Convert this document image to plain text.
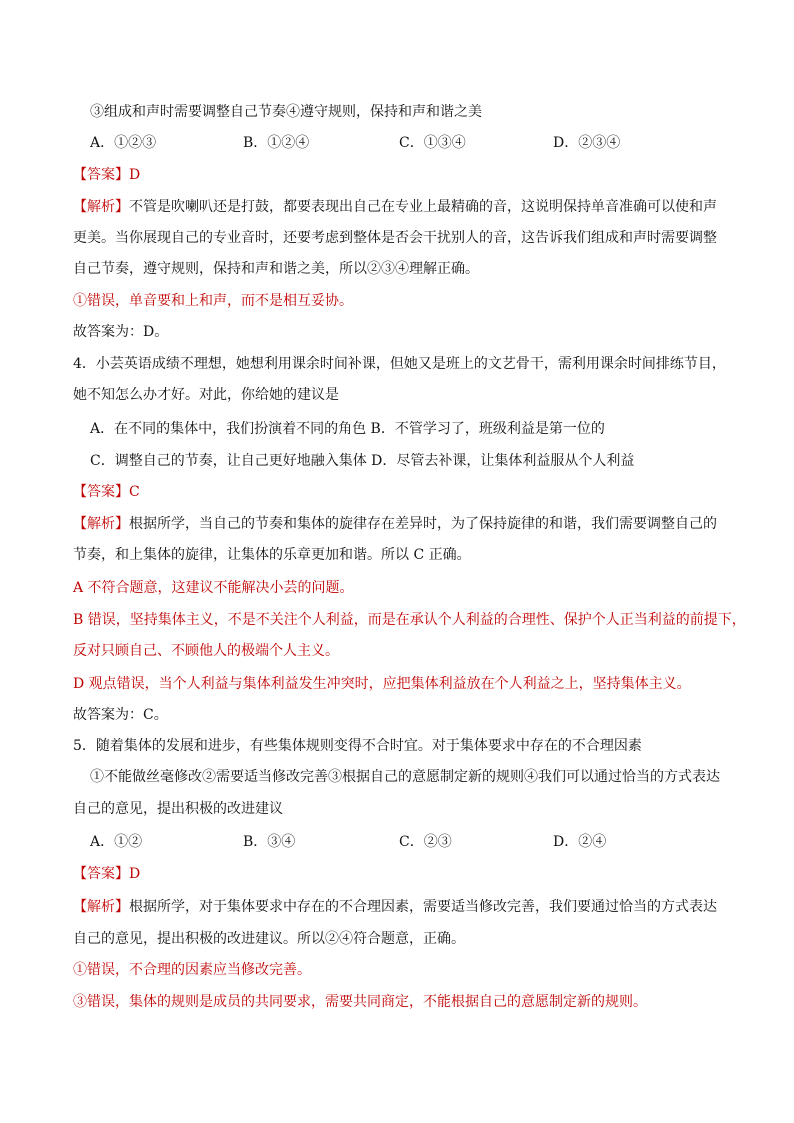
③组成和声时需要调整自己节奏④遵守规则，保持和声和谐之美
A．①②③	B．①②④	C．①③④	D．②③④
【答案】D
【解析】不管是吹喇叭还是打鼓，都要表现出自己在专业上最精确的音，这说明保持单音准确可以使和声
更美。当你展现自己的专业音时，还要考虑到整体是否会干扰别人的音，这告诉我们组成和声时需要调整
自己节奏，遵守规则，保持和声和谐之美，所以②③④理解正确。
①错误，单音要和上和声，而不是相互妥协。
故答案为：D。
4．小芸英语成绩不理想，她想利用课余时间补课，但她又是班上的文艺骨干，需利用课余时间排练节目，
她不知怎么办才好。对此，你给她的建议是
A．在不同的集体中，我们扮演着不同的角色 B．不管学习了，班级利益是第一位的
C．调整自己的节奏，让自己更好地融入集体 D．尽管去补课，让集体利益服从个人利益
【答案】C
【解析】根据所学，当自己的节奏和集体的旋律存在差异时，为了保持旋律的和谐，我们需要调整自己的
节奏，和上集体的旋律，让集体的乐章更加和谐。所以 C 正确。
A 不符合题意，这建议不能解决小芸的问题。
B 错误，坚持集体主义，不是不关注个人利益，而是在承认个人利益的合理性、保护个人正当利益的前提下，
反对只顾自己、不顾他人的极端个人主义。
D 观点错误，当个人利益与集体利益发生冲突时，应把集体利益放在个人利益之上，坚持集体主义。
故答案为：C。
5．随着集体的发展和进步，有些集体规则变得不合时宜。对于集体要求中存在的不合理因素
①不能做丝毫修改②需要适当修改完善③根据自己的意愿制定新的规则④我们可以通过恰当的方式表达
自己的意见，提出积极的改进建议
A．①②	B．③④	C．②③	D．②④
【答案】D
【解析】根据所学，对于集体要求中存在的不合理因素，需要适当修改完善，我们要通过恰当的方式表达
自己的意见，提出积极的改进建议。所以②④符合题意，正确。
①错误，不合理的因素应当修改完善。
③错误，集体的规则是成员的共同要求，需要共同商定，不能根据自己的意愿制定新的规则。
